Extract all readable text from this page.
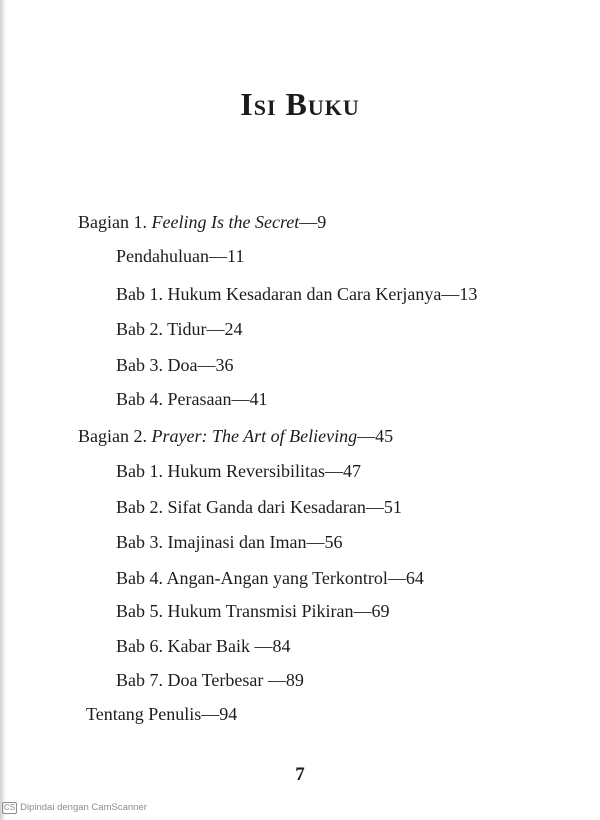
Isi Buku
Bagian 1. Feeling Is the Secret—9
Pendahuluan—11
Bab 1. Hukum Kesadaran dan Cara Kerjanya—13
Bab 2. Tidur—24
Bab 3. Doa—36
Bab 4. Perasaan—41
Bagian 2. Prayer: The Art of Believing—45
Bab 1. Hukum Reversibilitas—47
Bab 2. Sifat Ganda dari Kesadaran—51
Bab 3. Imajinasi dan Iman—56
Bab 4. Angan-Angan yang Terkontrol—64
Bab 5. Hukum Transmisi Pikiran—69
Bab 6. Kabar Baik —84
Bab 7. Doa Terbesar —89
Tentang Penulis—94
7
CS Dipindai dengan CamScanner
